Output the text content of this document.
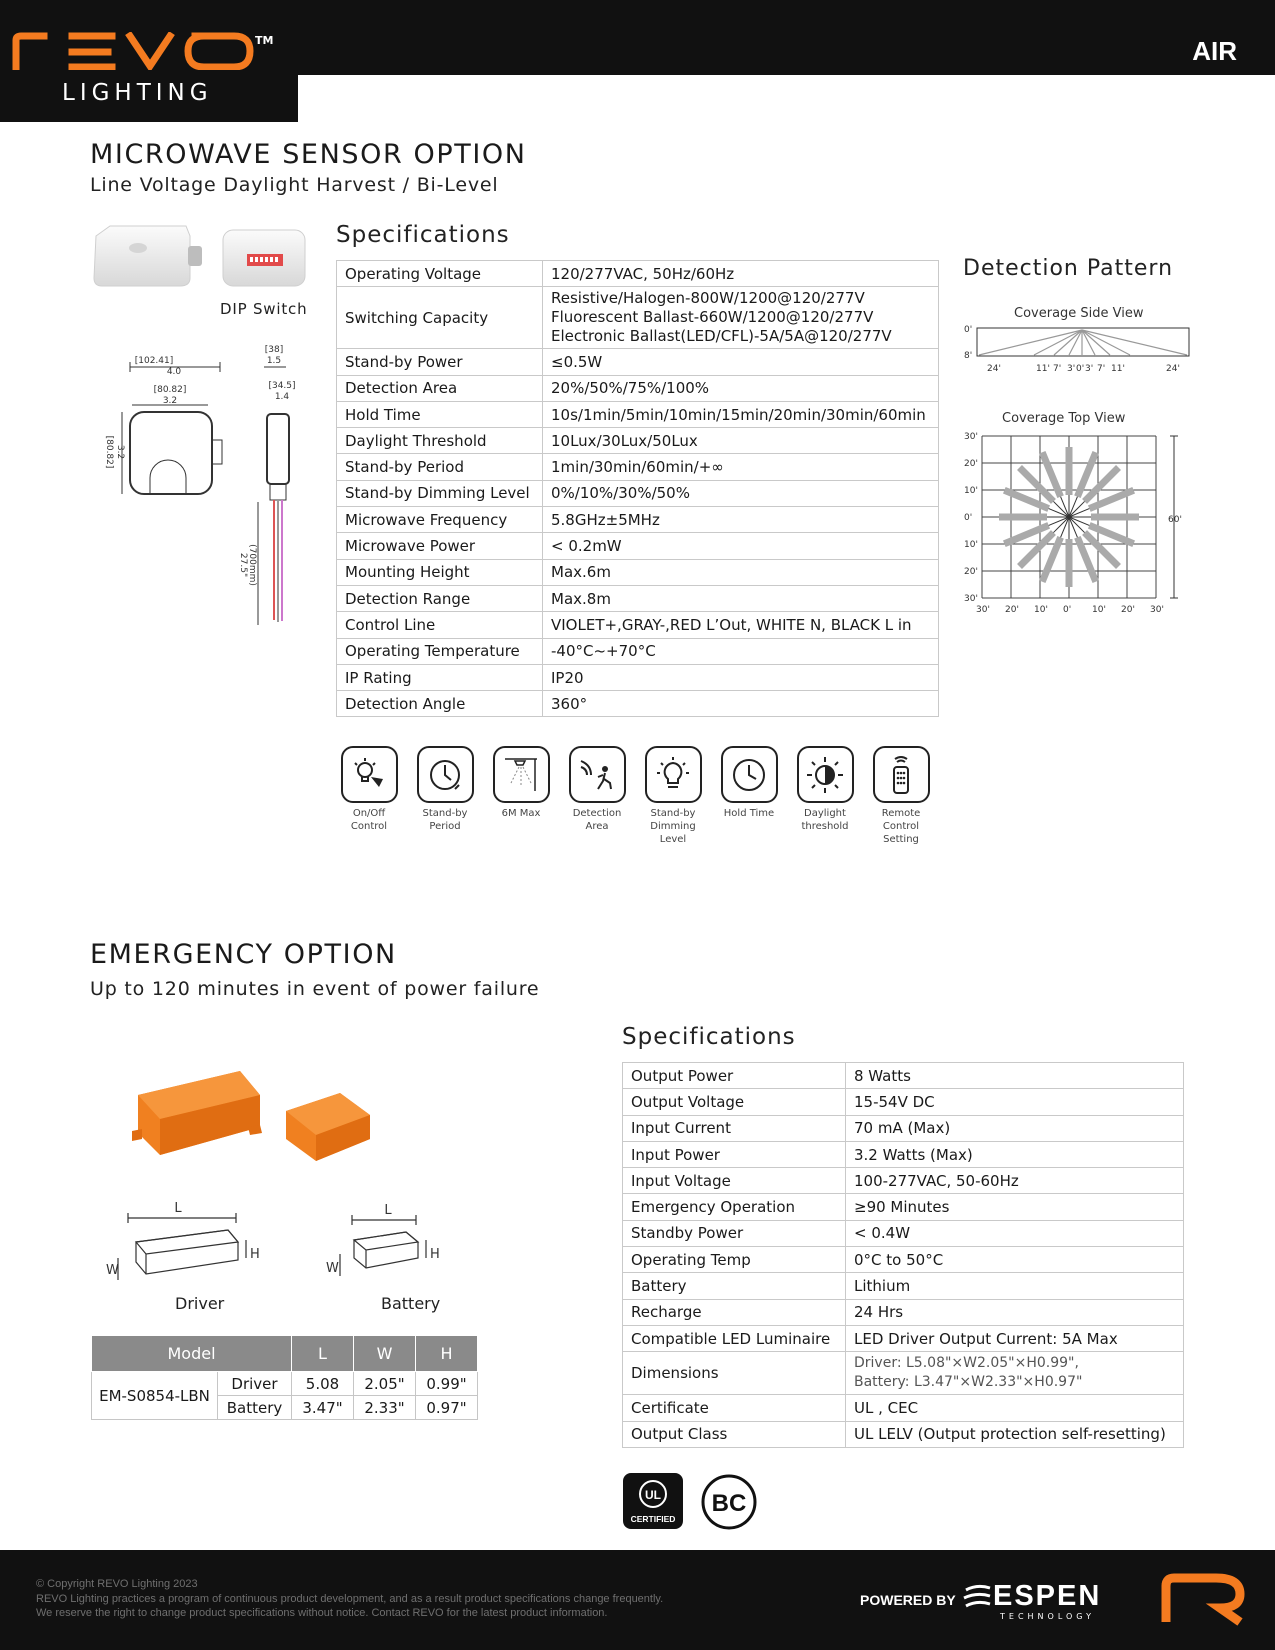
TM
LIGHTING
AIR
MICROWAVE SENSOR OPTION
Line Voltage Daylight Harvest / Bi-Level
DIP Switch
[102.41]
4.0
[80.82]
3.2
[38]
1.5
[34.5]
1.4
[80.82] 3.2
27.5" (700mm)
Specifications
Operating Voltage	120/277VAC, 50Hz/60Hz
Switching Capacity	Resistive/Halogen-800W/1200@120/277V
Fluorescent Ballast-660W/1200@120/277V
Electronic Ballast(LED/CFL)-5A/5A@120/277V
Stand-by Power	≤0.5W
Detection Area	20%/50%/75%/100%
Hold Time	10s/1min/5min/10min/15min/20min/30min/60min
Daylight Threshold	10Lux/30Lux/50Lux
Stand-by Period	1min/30min/60min/+∞
Stand-by Dimming Level	0%/10%/30%/50%
Microwave Frequency	5.8GHz±5MHz
Microwave Power	< 0.2mW
Mounting Height	Max.6m
Detection Range	Max.8m
Control Line	VIOLET+,GRAY-,RED L’Out, WHITE N, BLACK L in
Operating Temperature	-40°C~+70°C
IP Rating	IP20
Detection Angle	360°
On/Off
Control
Stand-by
Period
6M Max	Detection
Area
Stand-by
Dimming
Level
Hold Time	Daylight
threshold
Remote
Control
Setting
Detection Pattern
Coverage Side View
0'
8'
24'	11' 7' 3' 0' 3' 7' 11'	24'
Coverage Top View
30'
20'
10'
0'
10'
20'
30'
30' 20' 10' 0' 10' 20' 30'
60'
EMERGENCY OPTION
Up to 120 minutes in event of power failure
L
W
H
L
W
H
Driver	Battery
Model		L	W	H
EM-S0854-LBN	Driver	5.08	2.05"	0.99"
	Battery	3.47"	2.33"	0.97"
Specifications
Output Power	8 Watts
Output Voltage	15-54V DC
Input Current	70 mA (Max)
Input Power	3.2 Watts (Max)
Input Voltage	100-277VAC, 50-60Hz
Emergency Operation	≥90 Minutes
Standby Power	< 0.4W
Operating Temp	0°C to 50°C
Battery	Lithium
Recharge	24 Hrs
Compatible LED Luminaire	LED Driver Output Current: 5A Max
Dimensions	Driver: L5.08"×W2.05"×H0.99",
Battery: L3.47"×W2.33"×H0.97"
Certificate	UL , CEC
Output Class	UL LELV (Output protection self-resetting)
UL
CERTIFIED
BC
© Copyright REVO Lighting 2023
REVO Lighting practices a program of continuous product development, and as a result product specifications change frequently.
We reserve the right to change product specifications without notice. Contact REVO for the latest product information.
POWERED BY ESPEN
TECHNOLOGY
